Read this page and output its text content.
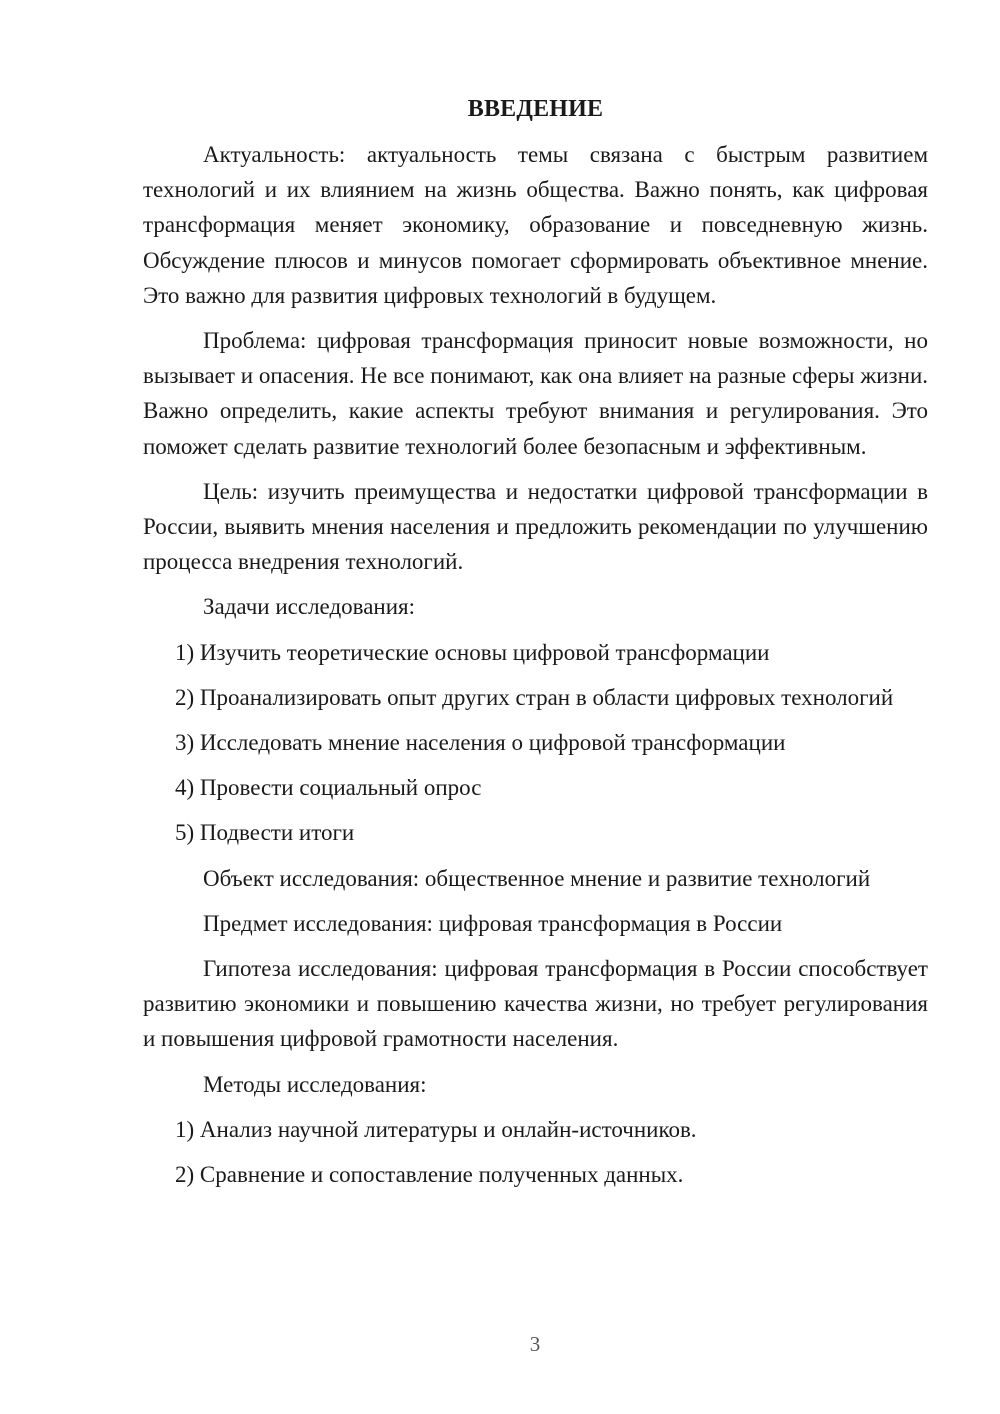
ВВЕДЕНИЕ

Актуальность: актуальность темы связана с быстрым развитием технологий и их влиянием на жизнь общества. Важно понять, как цифровая трансформация меняет экономику, образование и повседневную жизнь. Обсуждение плюсов и минусов помогает сформировать объективное мнение. Это важно для развития цифровых технологий в будущем.

Проблема: цифровая трансформация приносит новые возможности, но вызывает и опасения. Не все понимают, как она влияет на разные сферы жизни. Важно определить, какие аспекты требуют внимания и регулирования. Это поможет сделать развитие технологий более безопасным и эффективным.

Цель: изучить преимущества и недостатки цифровой трансформации в России, выявить мнения населения и предложить рекомендации по улучшению процесса внедрения технологий.

Задачи исследования:

1) Изучить теоретические основы цифровой трансформации

2) Проанализировать опыт других стран в области цифровых технологий

3) Исследовать мнение населения о цифровой трансформации

4) Провести социальный опрос

5) Подвести итоги

Объект исследования: общественное мнение и развитие технологий

Предмет исследования: цифровая трансформация в России

Гипотеза исследования: цифровая трансформация в России способствует развитию экономики и повышению качества жизни, но требует регулирования и повышения цифровой грамотности населения.

Методы исследования:

1) Анализ научной литературы и онлайн-источников.

2) Сравнение и сопоставление полученных данных.

3
